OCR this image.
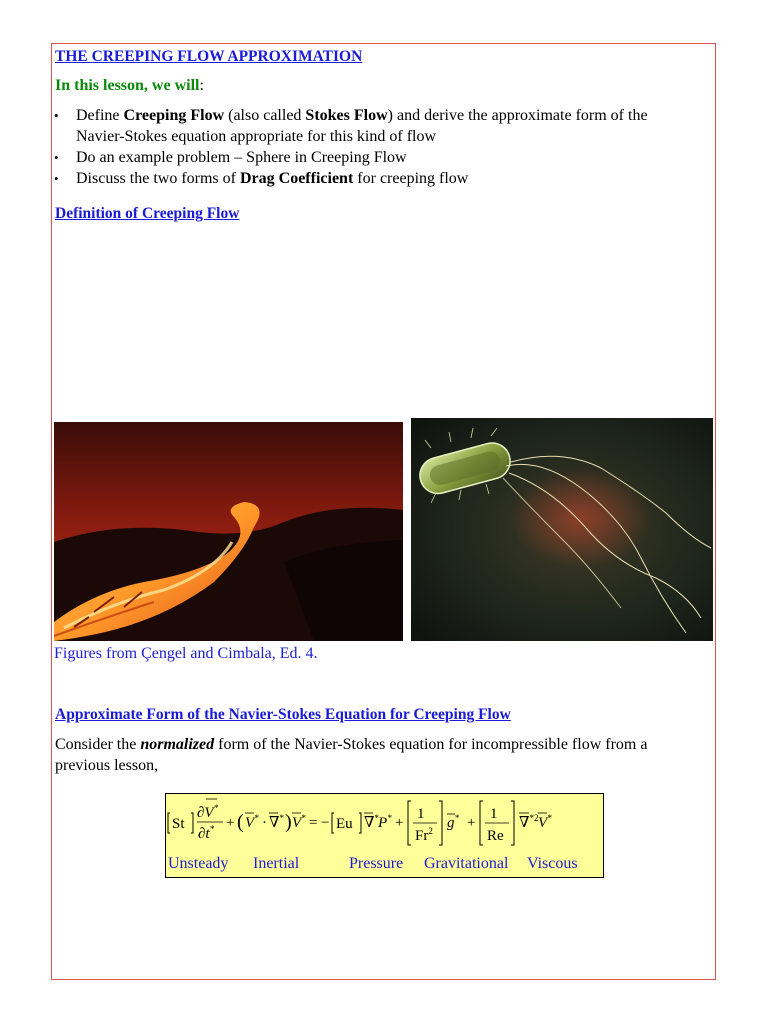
THE CREEPING FLOW APPROXIMATION
In this lesson, we will:
• Define Creeping Flow (also called Stokes Flow) and derive the approximate form of the
Navier-Stokes equation appropriate for this kind of flow
• Do an example problem – Sphere in Creeping Flow
• Discuss the two forms of Drag Coefficient for creeping flow
Definition of Creeping Flow
Figures from Çengel and Cimbala, Ed. 4.
Approximate Form of the Navier-Stokes Equation for Creeping Flow
Consider the normalized form of the Navier-Stokes equation for incompressible flow from a
previous lesson,
St
∂V*
∂t* + ( V* · ∇* ) V* = − Eu ∇* P* +
1
Fr$^2$ g* +
1
Re
∇$^{*2}$ V*
Unsteady Inertial	Pressure Gravitational Viscous
